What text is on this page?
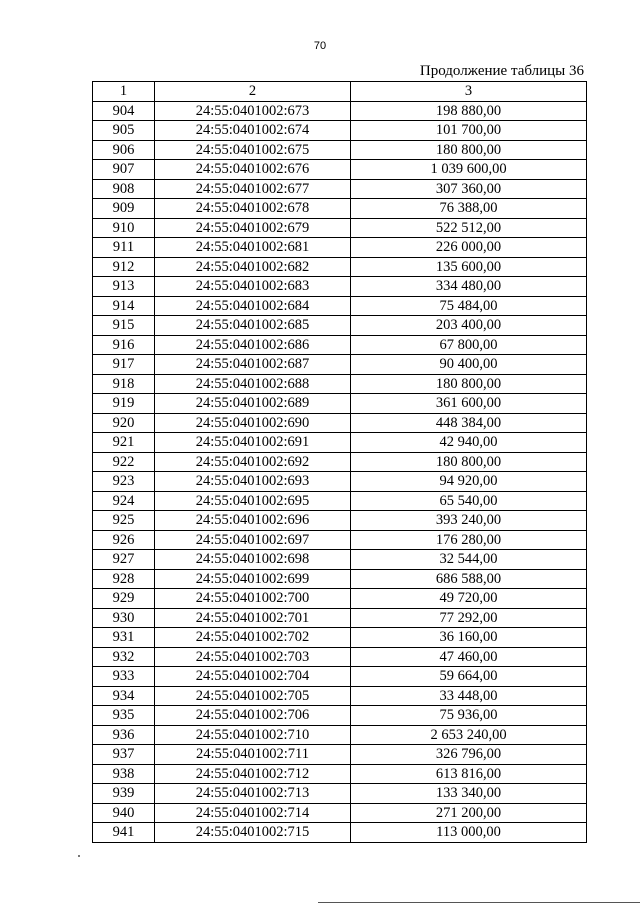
70
Продолжение таблицы 36
1	2	3
904	24:55:0401002:673	198 880,00
905	24:55:0401002:674	101 700,00
906	24:55:0401002:675	180 800,00
907	24:55:0401002:676	1 039 600,00
908	24:55:0401002:677	307 360,00
909	24:55:0401002:678	76 388,00
910	24:55:0401002:679	522 512,00
911	24:55:0401002:681	226 000,00
912	24:55:0401002:682	135 600,00
913	24:55:0401002:683	334 480,00
914	24:55:0401002:684	75 484,00
915	24:55:0401002:685	203 400,00
916	24:55:0401002:686	67 800,00
917	24:55:0401002:687	90 400,00
918	24:55:0401002:688	180 800,00
919	24:55:0401002:689	361 600,00
920	24:55:0401002:690	448 384,00
921	24:55:0401002:691	42 940,00
922	24:55:0401002:692	180 800,00
923	24:55:0401002:693	94 920,00
924	24:55:0401002:695	65 540,00
925	24:55:0401002:696	393 240,00
926	24:55:0401002:697	176 280,00
927	24:55:0401002:698	32 544,00
928	24:55:0401002:699	686 588,00
929	24:55:0401002:700	49 720,00
930	24:55:0401002:701	77 292,00
931	24:55:0401002:702	36 160,00
932	24:55:0401002:703	47 460,00
933	24:55:0401002:704	59 664,00
934	24:55:0401002:705	33 448,00
935	24:55:0401002:706	75 936,00
936	24:55:0401002:710	2 653 240,00
937	24:55:0401002:711	326 796,00
938	24:55:0401002:712	613 816,00
939	24:55:0401002:713	133 340,00
940	24:55:0401002:714	271 200,00
941	24:55:0401002:715	113 000,00
